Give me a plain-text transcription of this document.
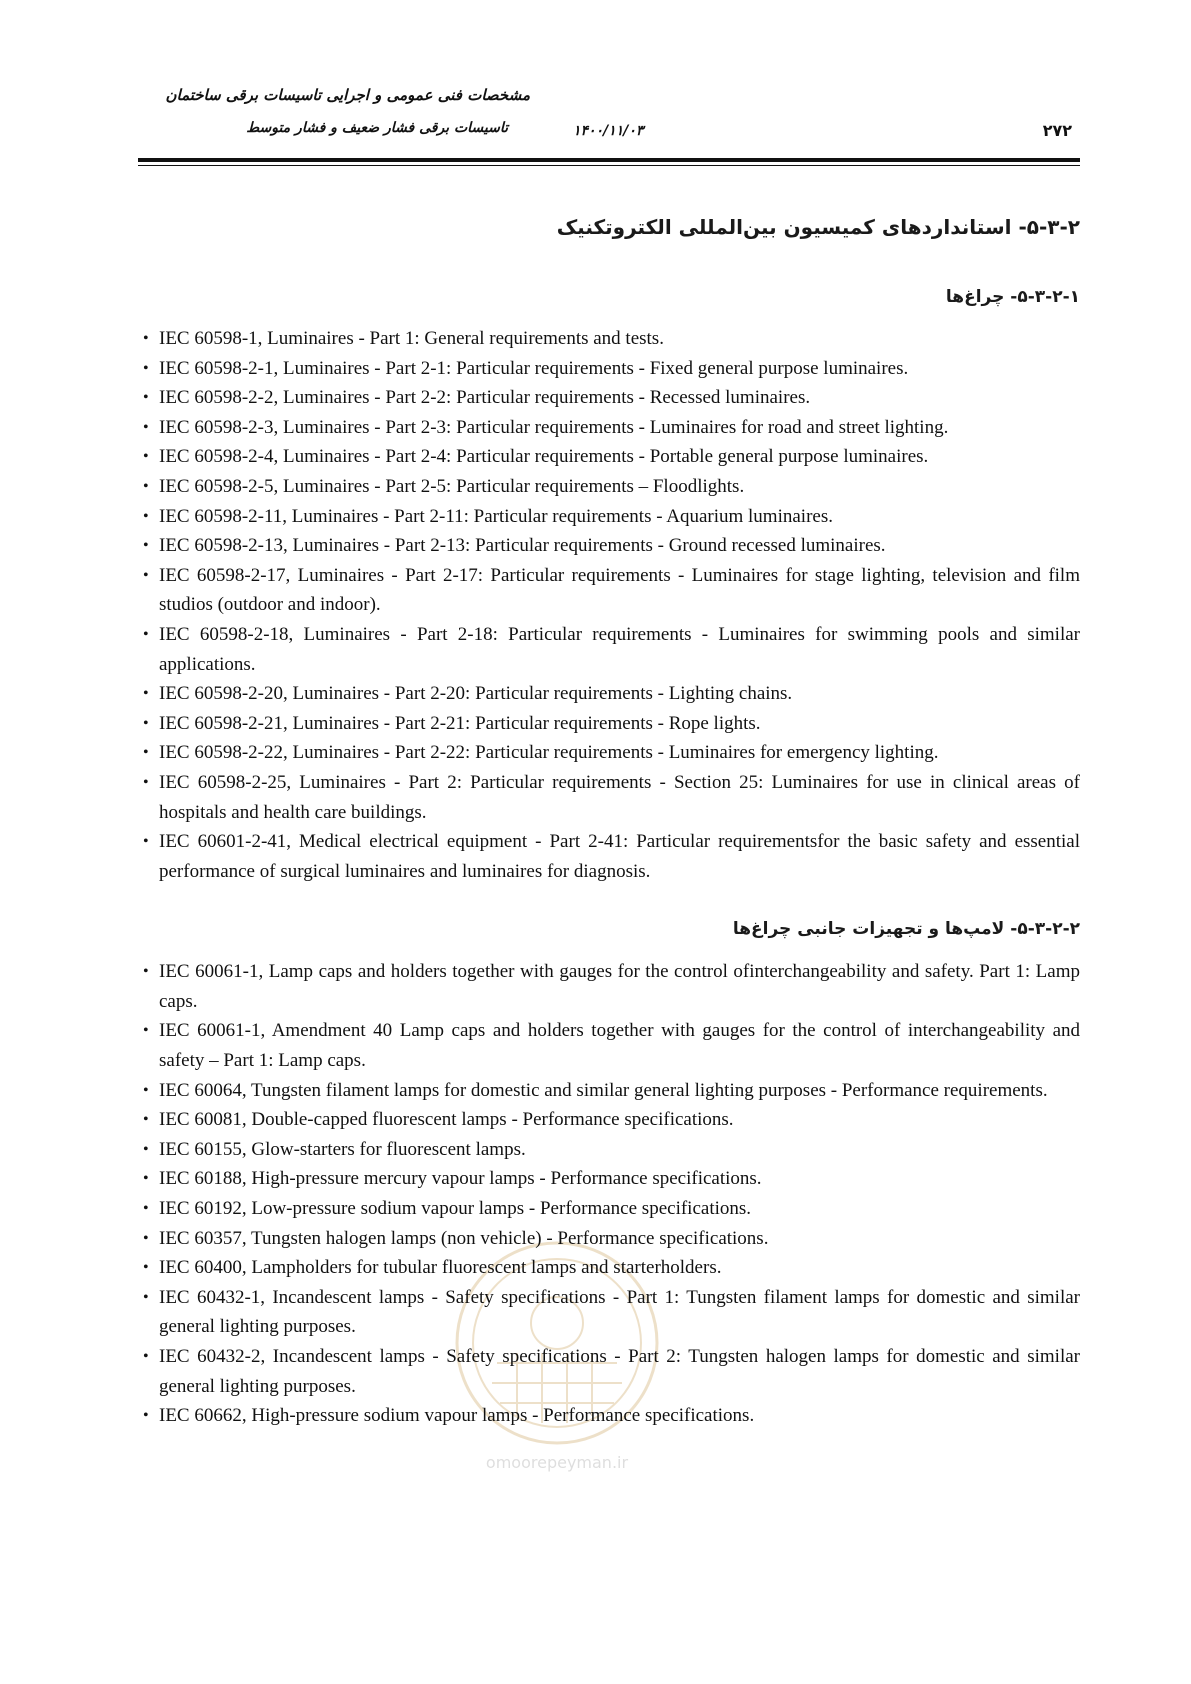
مشخصات فنی عمومی و اجرایی تاسیسات برقی ساختمان
تاسیسات برقی فشار ضعیف و فشار متوسط	۱۴۰۰/۱۱/۰۳	۲۷۲
omoorepeyman.ir
۵-۳-۲- استانداردهای کمیسیون بین‌المللی الکتروتکنیک
۵-۳-۲-۱- چراغ‌ها
• IEC 60598-1, Luminaires - Part 1: General requirements and tests.
• IEC 60598-2-1, Luminaires - Part 2-1: Particular requirements - Fixed general purpose luminaires.
• IEC 60598-2-2, Luminaires - Part 2-2: Particular requirements - Recessed luminaires.
• IEC 60598-2-3, Luminaires - Part 2-3: Particular requirements - Luminaires for road and street lighting.
• IEC 60598-2-4, Luminaires - Part 2-4: Particular requirements - Portable general purpose luminaires.
• IEC 60598-2-5, Luminaires - Part 2-5: Particular requirements – Floodlights.
• IEC 60598-2-11, Luminaires - Part 2-11: Particular requirements - Aquarium luminaires.
• IEC 60598-2-13, Luminaires - Part 2-13: Particular requirements - Ground recessed luminaires.
• IEC 60598-2-17, Luminaires - Part 2-17: Particular requirements - Luminaires for stage lighting, television and film studios (outdoor and indoor).
• IEC 60598-2-18, Luminaires - Part 2-18: Particular requirements - Luminaires for swimming pools and similar applications.
• IEC 60598-2-20, Luminaires - Part 2-20: Particular requirements - Lighting chains.
• IEC 60598-2-21, Luminaires - Part 2-21: Particular requirements - Rope lights.
• IEC 60598-2-22, Luminaires - Part 2-22: Particular requirements - Luminaires for emergency lighting.
• IEC 60598-2-25, Luminaires - Part 2: Particular requirements - Section 25: Luminaires for use in clinical areas of hospitals and health care buildings.
• IEC 60601-2-41, Medical electrical equipment - Part 2-41: Particular requirementsfor the basic safety and essential performance of surgical luminaires and luminaires for diagnosis.
۵-۳-۲-۲- لامپ‌ها و تجهیزات جانبی چراغ‌ها
• IEC 60061-1, Lamp caps and holders together with gauges for the control ofinterchangeability and safety. Part 1: Lamp caps.
• IEC 60061-1, Amendment 40 Lamp caps and holders together with gauges for the control of interchangeability and safety – Part 1: Lamp caps.
• IEC 60064, Tungsten filament lamps for domestic and similar general lighting purposes - Performance requirements.
• IEC 60081, Double-capped fluorescent lamps - Performance specifications.
• IEC 60155, Glow-starters for fluorescent lamps.
• IEC 60188, High-pressure mercury vapour lamps - Performance specifications.
• IEC 60192, Low-pressure sodium vapour lamps - Performance specifications.
• IEC 60357, Tungsten halogen lamps (non vehicle) - Performance specifications.
• IEC 60400, Lampholders for tubular fluorescent lamps and starterholders.
• IEC 60432-1, Incandescent lamps - Safety specifications - Part 1: Tungsten filament lamps for domestic and similar general lighting purposes.
• IEC 60432-2, Incandescent lamps - Safety specifications - Part 2: Tungsten halogen lamps for domestic and similar general lighting purposes.
• IEC 60662, High-pressure sodium vapour lamps - Performance specifications.
